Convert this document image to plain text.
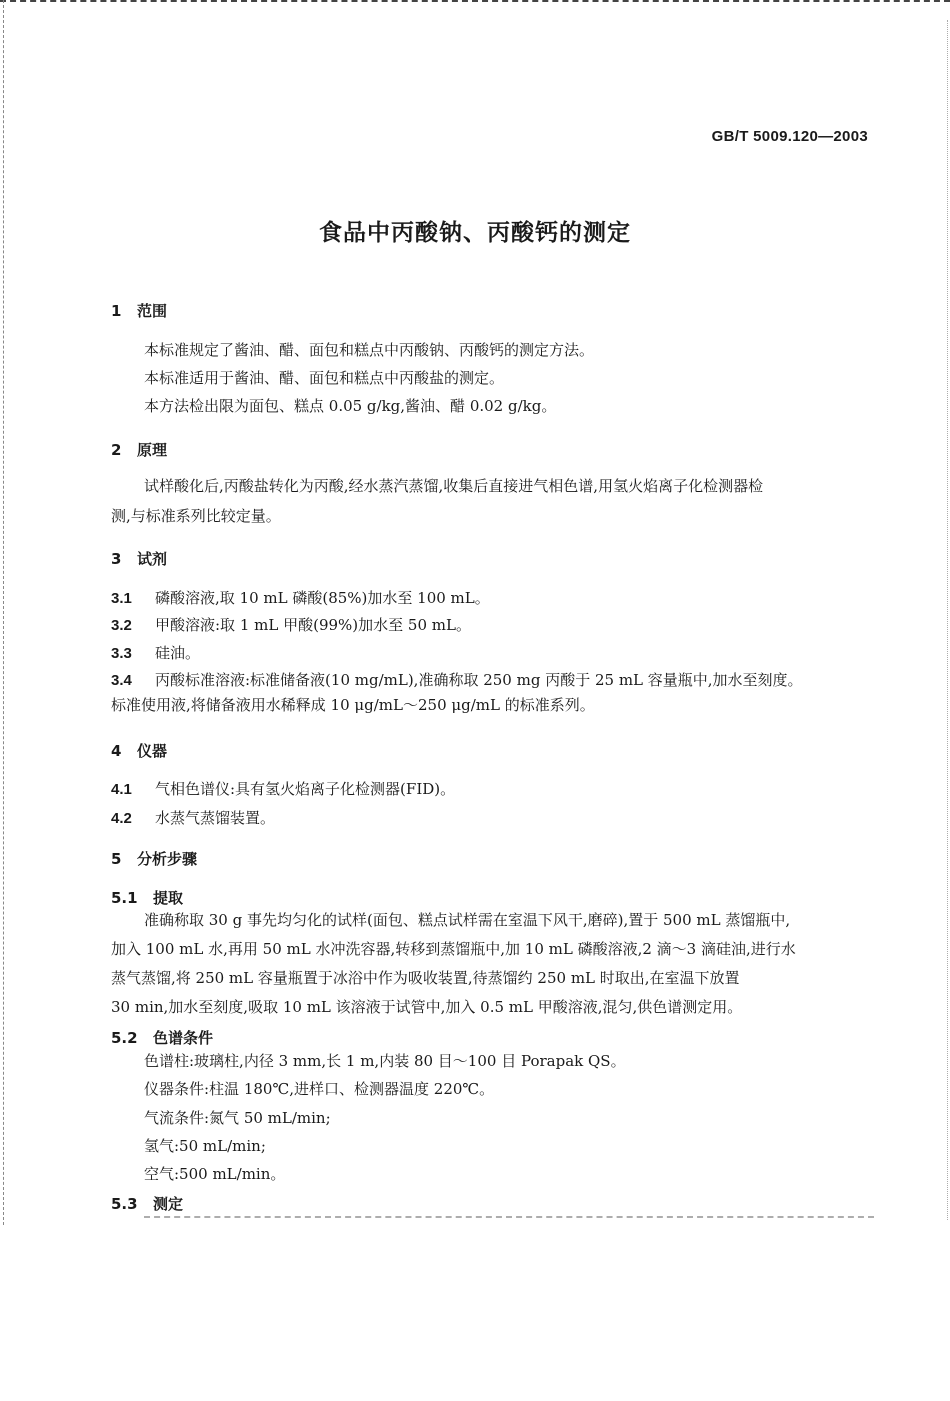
GB/T 5009.120—2003
食品中丙酸钠、丙酸钙的测定
1 范围
本标准规定了酱油、醋、面包和糕点中丙酸钠、丙酸钙的测定方法。
本标准适用于酱油、醋、面包和糕点中丙酸盐的测定。
本方法检出限为面包、糕点 0.05 g/kg,酱油、醋 0.02 g/kg。
2 原理
试样酸化后,丙酸盐转化为丙酸,经水蒸汽蒸馏,收集后直接进气相色谱,用氢火焰离子化检测器检
测,与标准系列比较定量。
3 试剂
3.1 磷酸溶液,取 10 mL 磷酸(85%)加水至 100 mL。
3.2 甲酸溶液:取 1 mL 甲酸(99%)加水至 50 mL。
3.3 硅油。
3.4 丙酸标准溶液:标准储备液(10 mg/mL),准确称取 250 mg 丙酸于 25 mL 容量瓶中,加水至刻度。
标准使用液,将储备液用水稀释成 10 μg/mL～250 μg/mL 的标准系列。
4 仪器
4.1 气相色谱仪:具有氢火焰离子化检测器(FID)。
4.2 水蒸气蒸馏装置。
5 分析步骤
5.1 提取
准确称取 30 g 事先均匀化的试样(面包、糕点试样需在室温下风干,磨碎),置于 500 mL 蒸馏瓶中,
加入 100 mL 水,再用 50 mL 水冲洗容器,转移到蒸馏瓶中,加 10 mL 磷酸溶液,2 滴～3 滴硅油,进行水
蒸气蒸馏,将 250 mL 容量瓶置于冰浴中作为吸收装置,待蒸馏约 250 mL 时取出,在室温下放置
30 min,加水至刻度,吸取 10 mL 该溶液于试管中,加入 0.5 mL 甲酸溶液,混匀,供色谱测定用。
5.2 色谱条件
色谱柱:玻璃柱,内径 3 mm,长 1 m,内装 80 目～100 目 Porapak QS。
仪器条件:柱温 180℃,进样口、检测器温度 220℃。
气流条件:氮气 50 mL/min;
氢气:50 mL/min;
空气:500 mL/min。
5.3 测定
